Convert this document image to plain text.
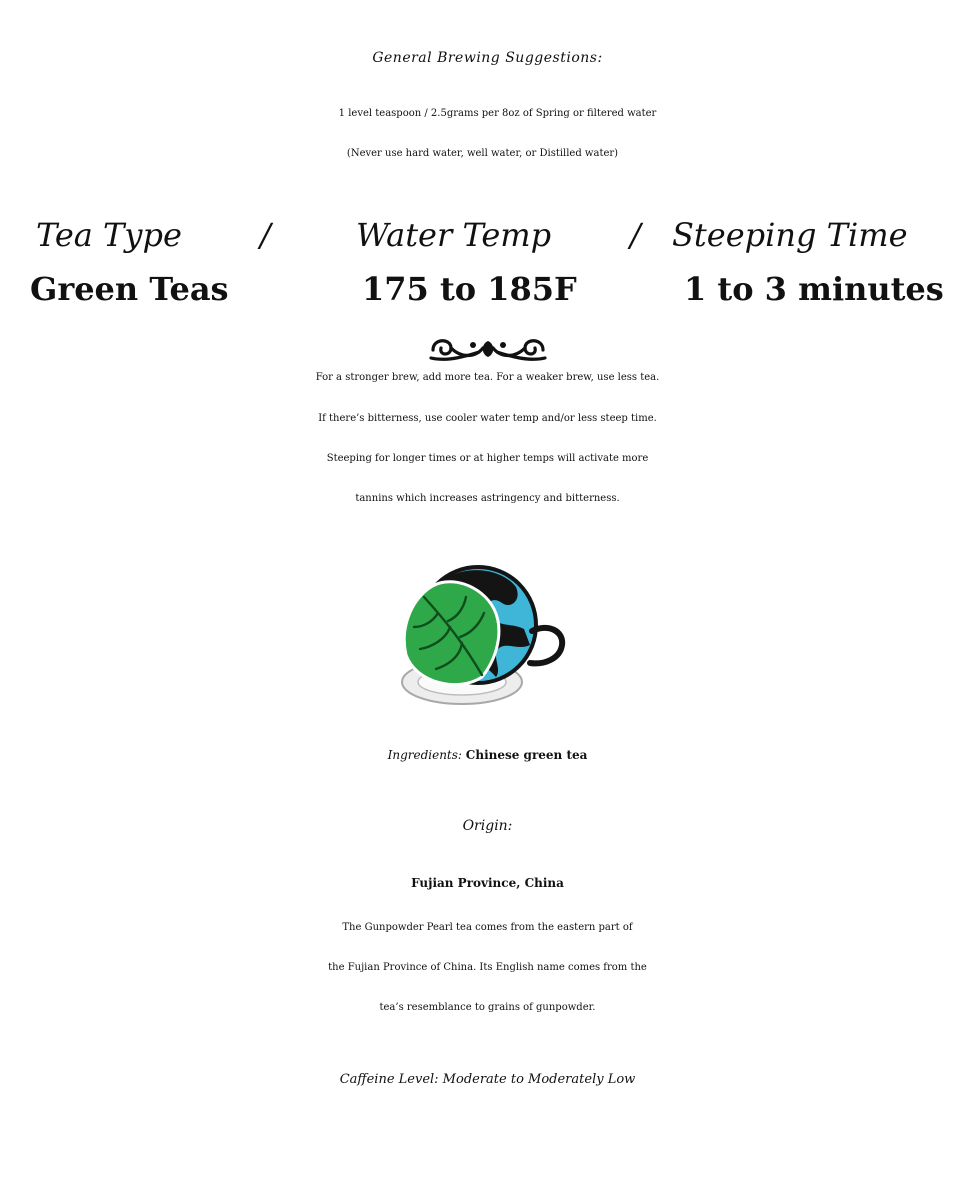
General Brewing Suggestions:
1 level teaspoon / 2.5grams per 8oz of Spring or filtered water
(Never use hard water, well water, or Distilled water)
Tea Type /	Water Temp / Steeping Time
Green Teas	175 to 185F	1 to 3 minutes
For a stronger brew, add more tea. For a weaker brew, use less tea.
If there’s bitterness, use cooler water temp and/or less steep time.
Steeping for longer times or at higher temps will activate more
tannins which increases astringency and bitterness.
Ingredients: Chinese green tea
Origin:
Fujian Province, China
The Gunpowder Pearl tea comes from the eastern part of
the Fujian Province of China. Its English name comes from the
tea’s resemblance to grains of gunpowder.
Caffeine Level: Moderate to Moderately Low
